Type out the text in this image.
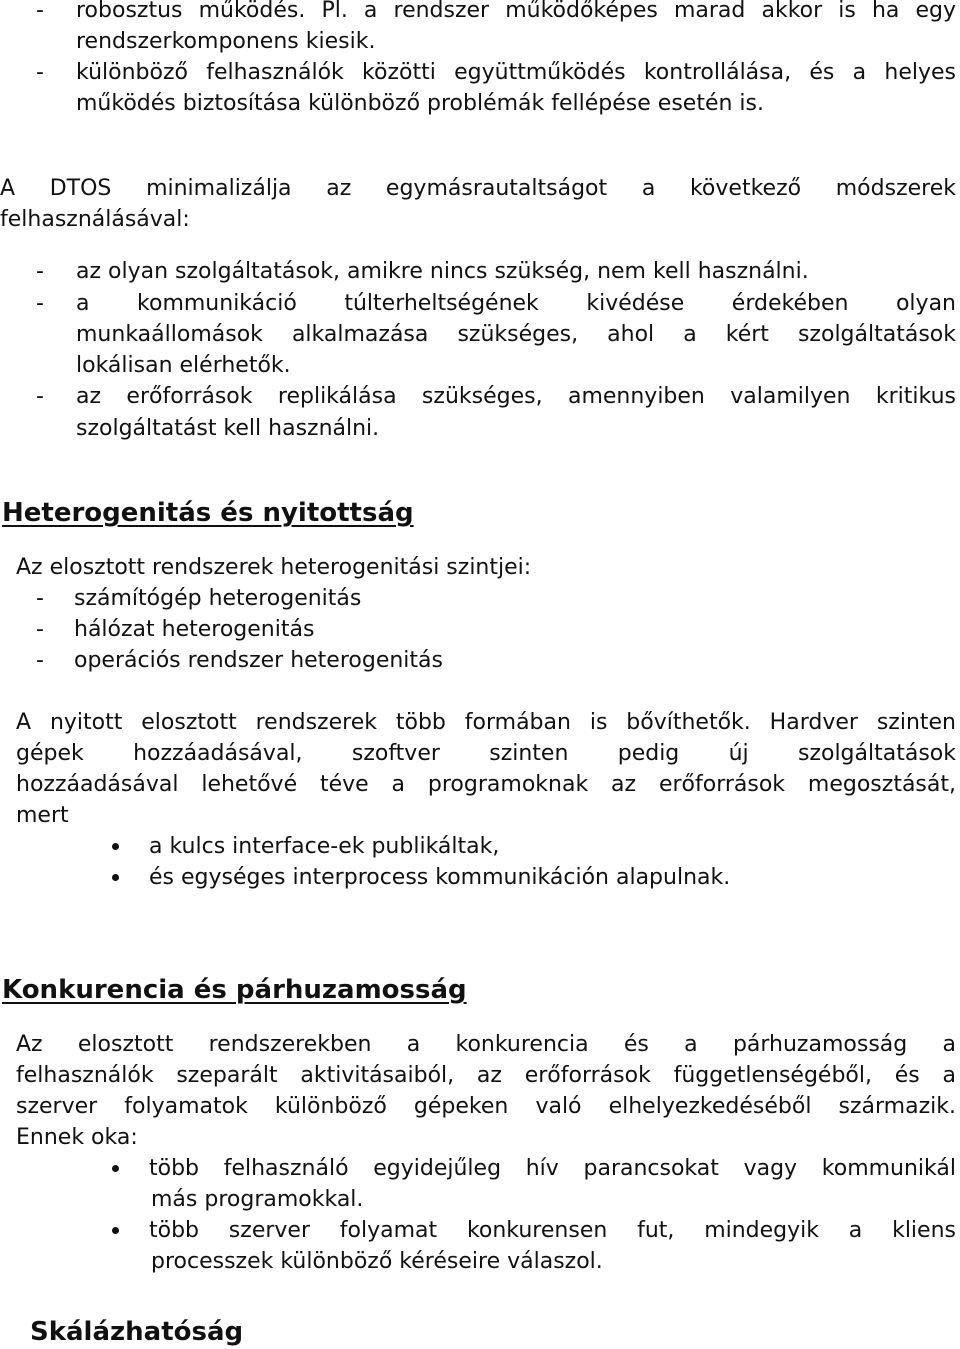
- robosztus működés. Pl. a rendszer működőképes marad akkor is ha egy
rendszerkomponens kiesik.
- különböző felhasználók közötti együttműködés kontrollálása, és a helyes
működés biztosítása különböző problémák fellépése esetén is.
A DTOS minimalizálja az egymásrautaltságot a következő módszerek
felhasználásával:
- az olyan szolgáltatások, amikre nincs szükség, nem kell használni.
- a kommunikáció túlterheltségének kivédése érdekében olyan
munkaállomások alkalmazása szükséges, ahol a kért szolgáltatások
lokálisan elérhetők.
- az erőforrások replikálása szükséges, amennyiben valamilyen kritikus
szolgáltatást kell használni.
Heterogenitás és nyitottság
Az elosztott rendszerek heterogenitási szintjei:
- számítógép heterogenitás
- hálózat heterogenitás
- operációs rendszer heterogenitás
A nyitott elosztott rendszerek több formában is bővíthetők. Hardver szinten
gépek hozzáadásával, szoftver szinten pedig új szolgáltatások
hozzáadásával lehetővé téve a programoknak az erőforrások megosztását,
mert
a kulcs interface-ek publikáltak,
és egységes interprocess kommunikáción alapulnak.
Konkurencia és párhuzamosság
Az elosztott rendszerekben a konkurencia és a párhuzamosság a
felhasználók szeparált aktivitásaiból, az erőforrások függetlenségéből, és a
szerver folyamatok különböző gépeken való elhelyezkedéséből származik.
Ennek oka:
több felhasználó egyidejűleg hív parancsokat vagy kommunikál
más programokkal.
több szerver folyamat konkurensen fut, mindegyik a kliens
processzek különböző kéréseire válaszol.
Skálázhatóság
